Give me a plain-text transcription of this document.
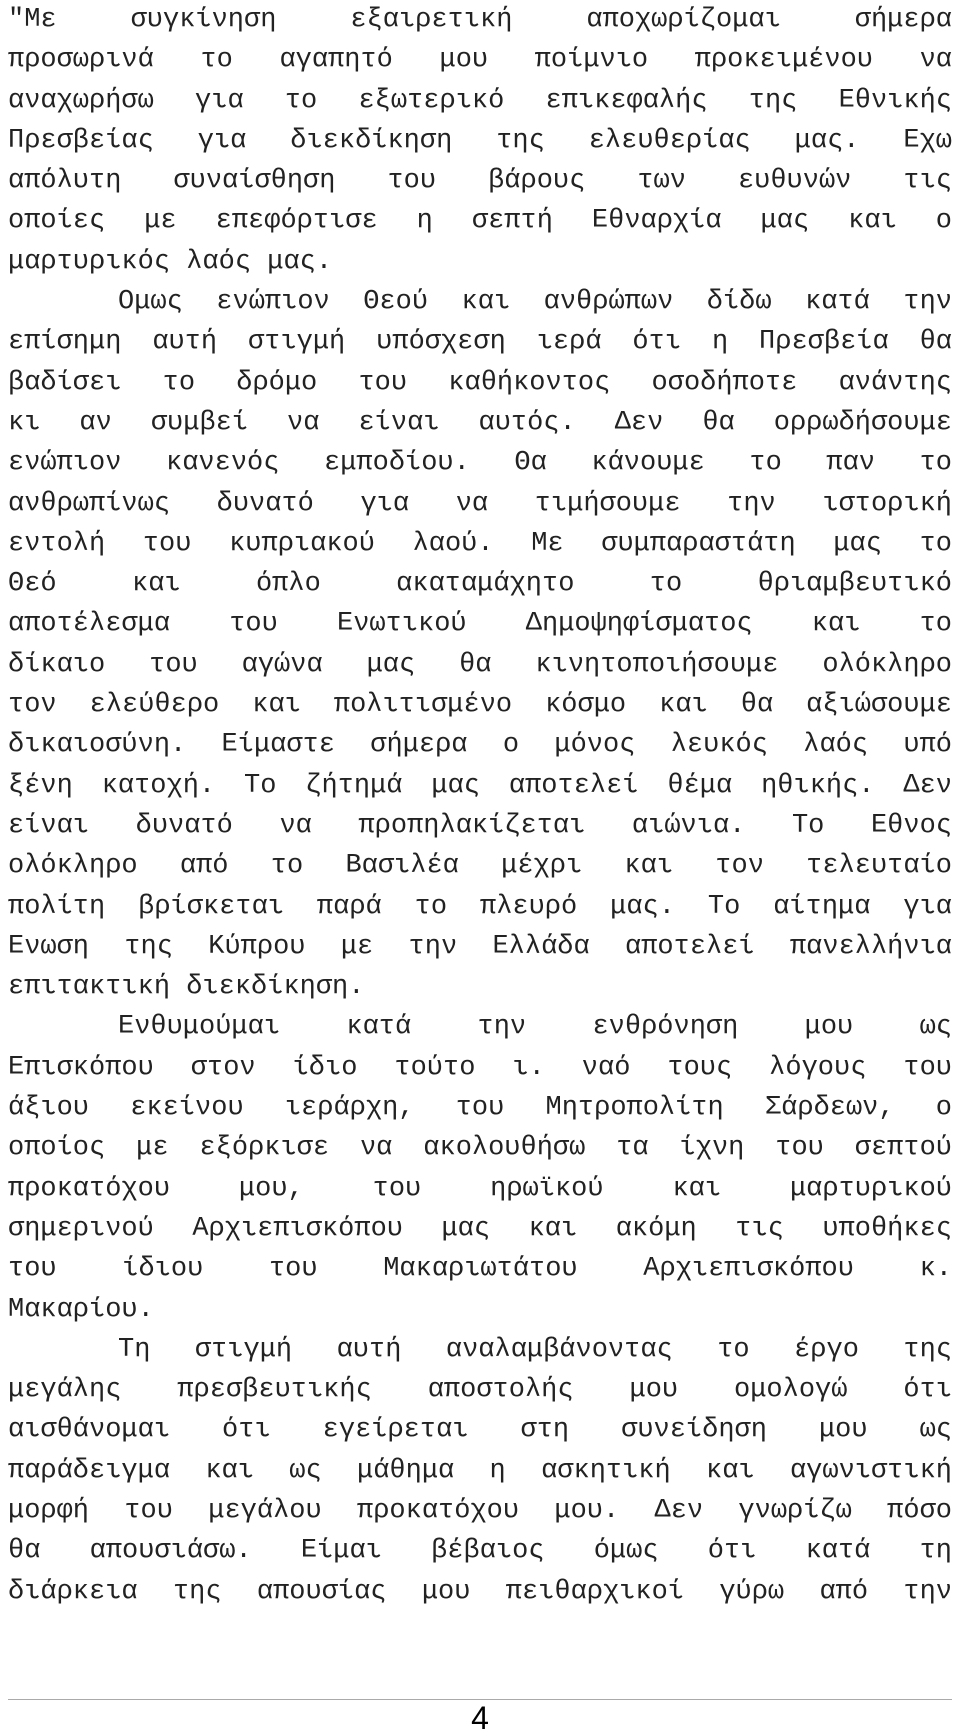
"Με συγκίνηση εξαιρετική αποχωρίζομαι σήμερα
προσωρινά το αγαπητό μου ποίμνιο προκειμένου να
αναχωρήσω για το εξωτερικό επικεφαλής της Εθνικής
Πρεσβείας για διεκδίκηση της ελευθερίας μας. Εχω
απόλυτη συναίσθηση του βάρους των ευθυνών τις
οποίες με επεφόρτισε η σεπτή Εθναρχία μας και ο
μαρτυρικός λαός μας.
Ομως ενώπιον Θεού και ανθρώπων δίδω κατά την
επίσημη αυτή στιγμή υπόσχεση ιερά ότι η Πρεσβεία θα
βαδίσει το δρόμο του καθήκοντος οσοδήποτε ανάντης
κι αν συμβεί να είναι αυτός. Δεν θα ορρωδήσουμε
ενώπιον κανενός εμποδίου. Θα κάνουμε το παν το
ανθρωπίνως δυνατό για να τιμήσουμε την ιστορική
εντολή του κυπριακού λαού. Με συμπαραστάτη μας το
Θεό και όπλο ακαταμάχητο το θριαμβευτικό
αποτέλεσμα του Ενωτικού Δημοψηφίσματος και το
δίκαιο του αγώνα μας θα κινητοποιήσουμε ολόκληρο
τον ελεύθερο και πολιτισμένο κόσμο και θα αξιώσουμε
δικαιοσύνη. Είμαστε σήμερα ο μόνος λευκός λαός υπό
ξένη κατοχή. Το ζήτημά μας αποτελεί θέμα ηθικής. Δεν
είναι δυνατό να προπηλακίζεται αιώνια. Το Εθνος
ολόκληρο από το Βασιλέα μέχρι και τον τελευταίο
πολίτη βρίσκεται παρά το πλευρό μας. Το αίτημα για
Ενωση της Κύπρου με την Ελλάδα αποτελεί πανελλήνια
επιτακτική διεκδίκηση.
Ενθυμούμαι κατά την ενθρόνηση μου ως
Επισκόπου στον ίδιο τούτο ι. ναό τους λόγους του
άξιου εκείνου ιεράρχη, του Μητροπολίτη Σάρδεων, ο
οποίος με εξόρκισε να ακολουθήσω τα ίχνη του σεπτού
προκατόχου μου, του ηρωϊκού και μαρτυρικού
σημερινού Αρχιεπισκόπου μας και ακόμη τις υποθήκες
του ίδιου του Μακαριωτάτου Αρχιεπισκόπου κ.
Μακαρίου.
Τη στιγμή αυτή αναλαμβάνοντας το έργο της
μεγάλης πρεσβευτικής αποστολής μου ομολογώ ότι
αισθάνομαι ότι εγείρεται στη συνείδηση μου ως
παράδειγμα και ως μάθημα η ασκητική και αγωνιστική
μορφή του μεγάλου προκατόχου μου. Δεν γνωρίζω πόσο
θα απουσιάσω. Είμαι βέβαιος όμως ότι κατά τη
διάρκεια της απουσίας μου πειθαρχικοί γύρω από την
4
